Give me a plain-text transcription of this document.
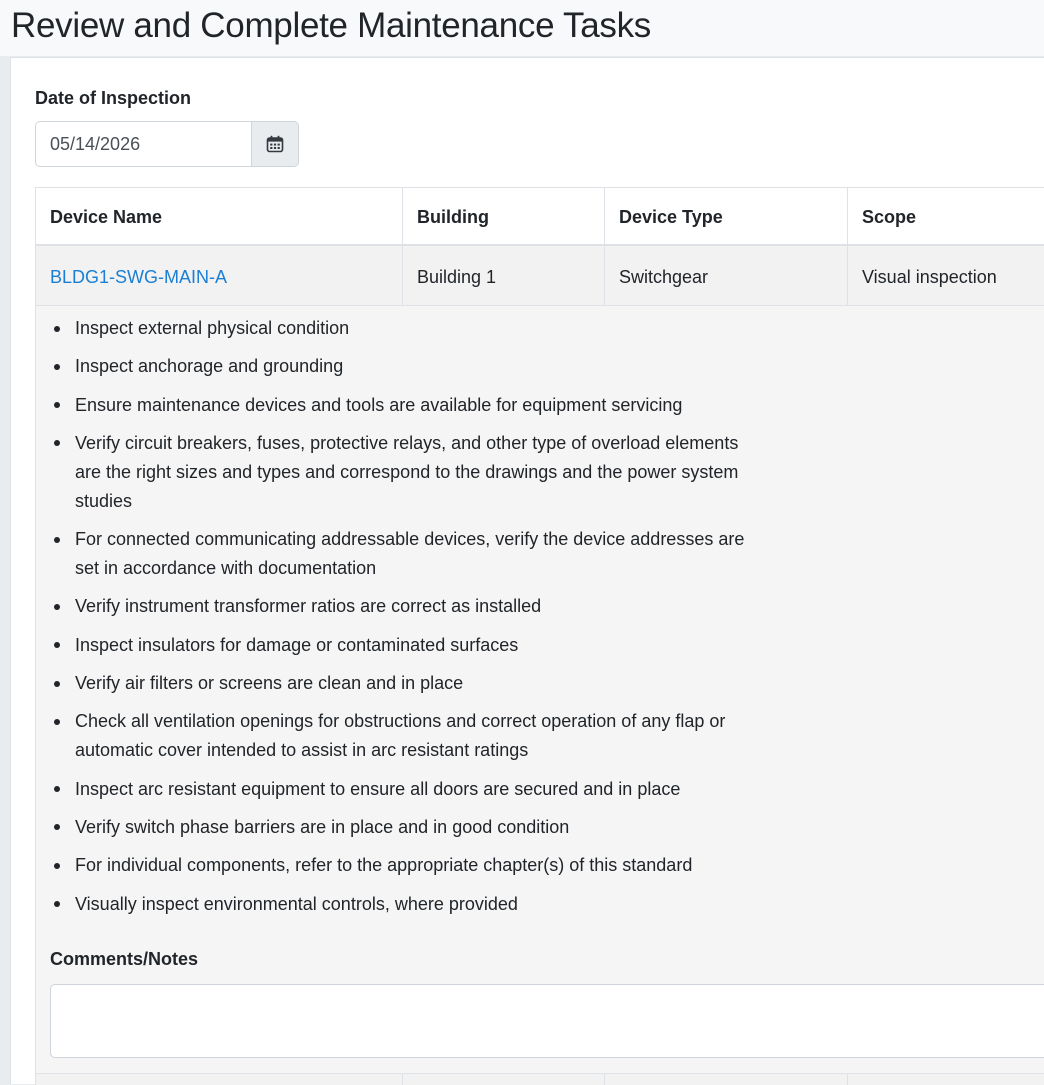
Review and Complete Maintenance Tasks
Date of Inspection
05/14/2026
Device Name	Building	Device Type	Scope
BLDG1-SWG-MAIN-A	Building 1	Switchgear	Visual inspection
Inspect external physical condition
Inspect anchorage and grounding
Ensure maintenance devices and tools are available for equipment servicing
Verify circuit breakers, fuses, protective relays, and other type of overload elements are the right sizes and types and correspond to the drawings and the power system studies
For connected communicating addressable devices, verify the device addresses are set in accordance with documentation
Verify instrument transformer ratios are correct as installed
Inspect insulators for damage or contaminated surfaces
Verify air filters or screens are clean and in place
Check all ventilation openings for obstructions and correct operation of any flap or automatic cover intended to assist in arc resistant ratings
Inspect arc resistant equipment to ensure all doors are secured and in place
Verify switch phase barriers are in place and in good condition
For individual components, refer to the appropriate chapter(s) of this standard
Visually inspect environmental controls, where provided
Comments/Notes
